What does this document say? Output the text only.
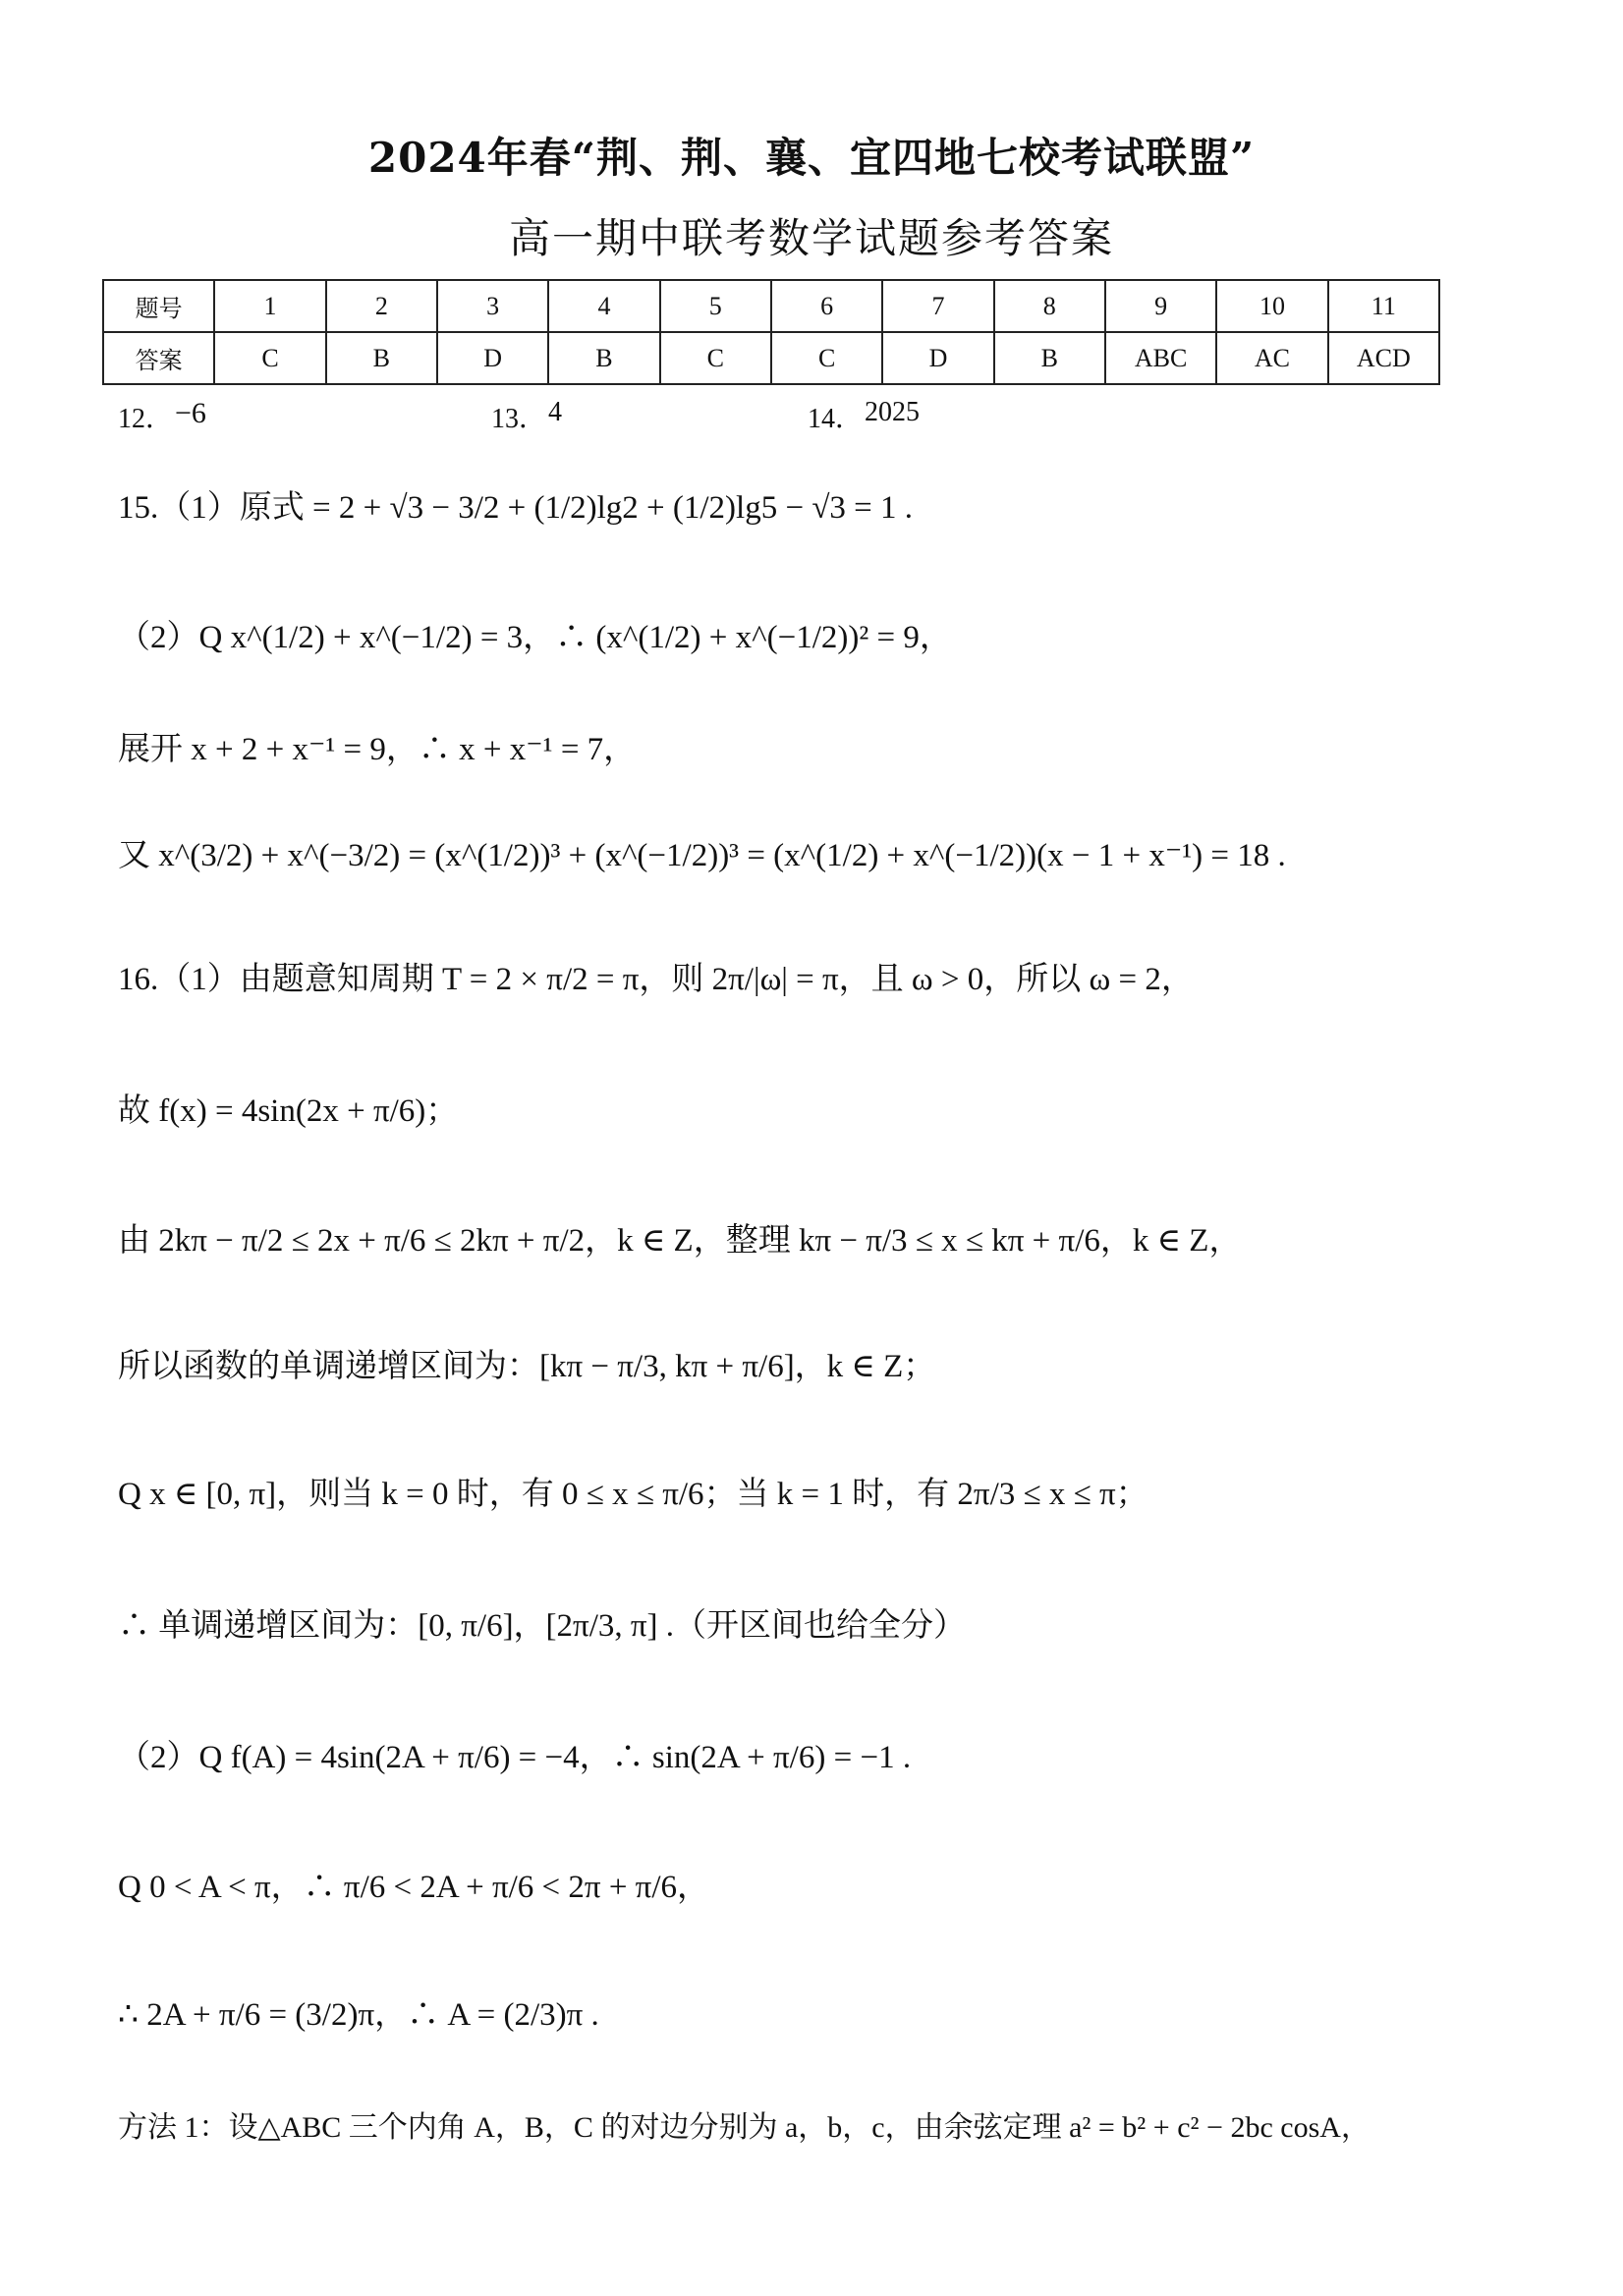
2024年春“荆、荆、襄、宜四地七校考试联盟”
高一期中联考数学试题参考答案
题号	1	2	3	4	5	6	7	8	9	10	11
答案	C	B	D	B	C	C	D	B	ABC	AC	ACD
12． −6	13． 4	14． 2025
15.（1）原式 = 2 + √3 − 3/2 + (1/2)lg2 + (1/2)lg5 − √3 = 1 .
（2）Q x^(1/2) + x^(−1/2) = 3，∴ (x^(1/2) + x^(−1/2))² = 9，
展开 x + 2 + x⁻¹ = 9，∴ x + x⁻¹ = 7，
又 x^(3/2) + x^(−3/2) = (x^(1/2))³ + (x^(−1/2))³ = (x^(1/2) + x^(−1/2))(x − 1 + x⁻¹) = 18 .
16.（1）由题意知周期 T = 2 × π/2 = π，则 2π/|ω| = π，且 ω > 0，所以 ω = 2，
故 f(x) = 4sin(2x + π/6)；
由 2kπ − π/2 ≤ 2x + π/6 ≤ 2kπ + π/2，k ∈ Z，整理 kπ − π/3 ≤ x ≤ kπ + π/6，k ∈ Z，
所以函数的单调递增区间为：[kπ − π/3, kπ + π/6]，k ∈ Z；
Q x ∈ [0, π]，则当 k = 0 时，有 0 ≤ x ≤ π/6；当 k = 1 时，有 2π/3 ≤ x ≤ π；
∴ 单调递增区间为：[0, π/6]，[2π/3, π] .（开区间也给全分）
（2）Q f(A) = 4sin(2A + π/6) = −4，∴ sin(2A + π/6) = −1 .
Q 0 < A < π，∴ π/6 < 2A + π/6 < 2π + π/6，
∴ 2A + π/6 = (3/2)π，∴ A = (2/3)π .
方法 1：设△ABC 三个内角 A，B，C 的对边分别为 a，b，c，由余弦定理 a² = b² + c² − 2bc cosA，
